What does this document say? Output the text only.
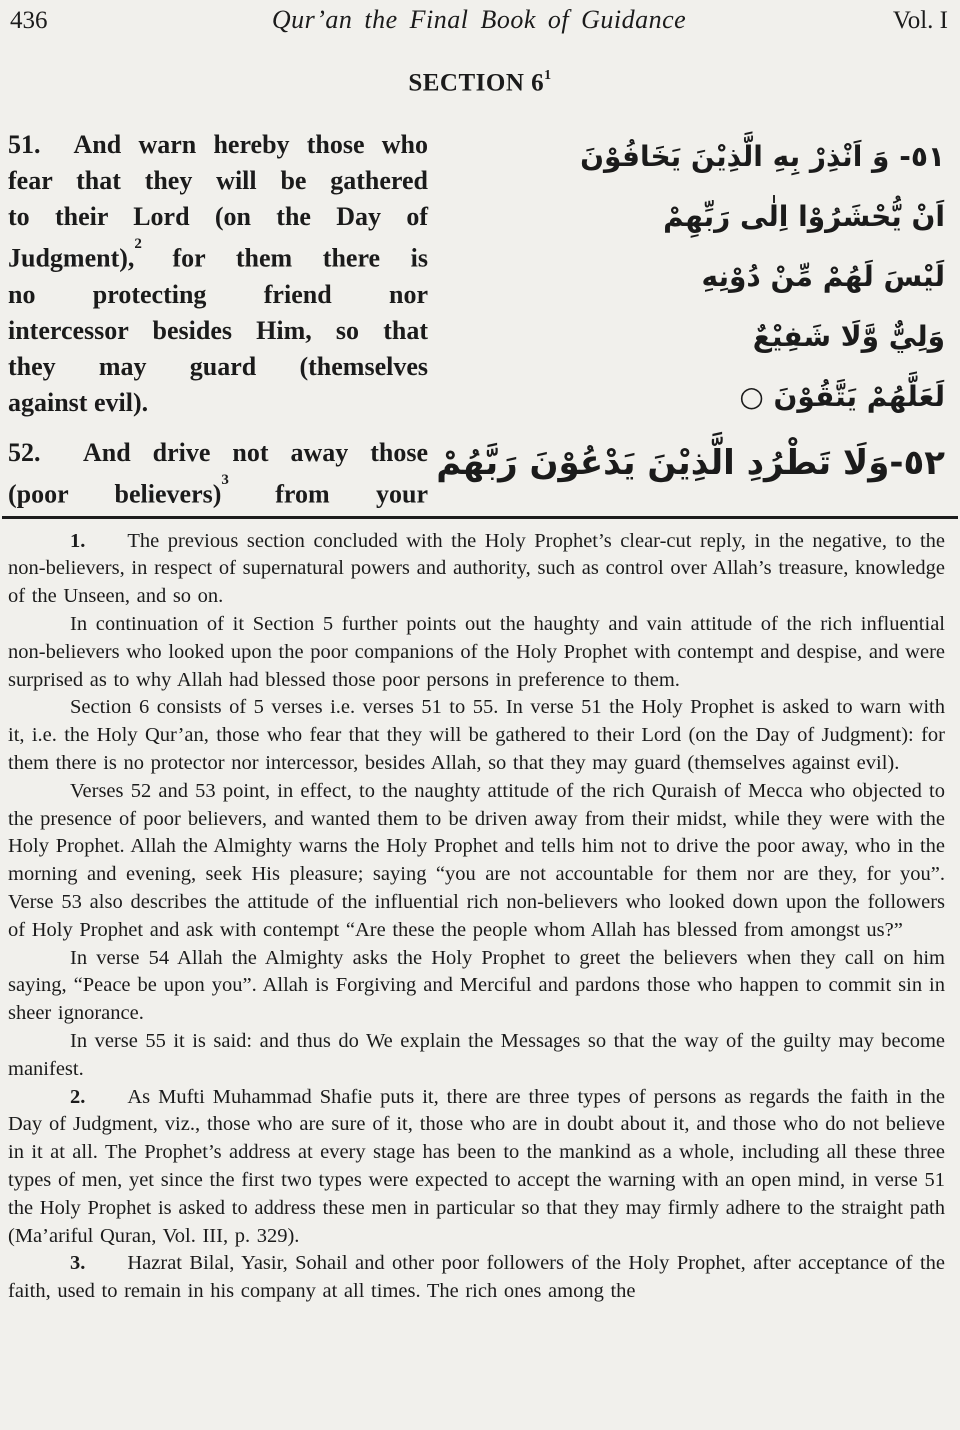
436	Qur’an the Final Book of Guidance	Vol. I
SECTION $6^1$
51.  And warn hereby those who
fear that they will be gathered
to their Lord (on the Day of
Judgment),$^2$ for them there is
no protecting friend nor
intercessor besides Him, so that
they may guard (themselves
against evil).
52.  And drive not away those
(poor believers)$^3$ from your
٥١- وَ اَنْذِرْ بِهِ الَّذِيْنَ يَخَافُوْنَ
اَنْ يُّحْشَرُوْا اِلٰى رَبِّهِمْ
لَيْسَ لَهُمْ مِّنْ دُوْنِهِ
وَلِيٌّ وَّلَا شَفِيْعٌ
لَعَلَّهُمْ يَتَّقُوْنَ ○
٥٢-وَلَا تَطْرُدِ الَّذِيْنَ يَدْعُوْنَ رَبَّهُمْ

1. The previous section concluded with the Holy Prophet’s clear-cut reply, in the negative, to the non-believers, in respect of supernatural powers and authority, such as control over Allah’s treasure, knowledge of the Unseen, and so on.

In continuation of it Section 5 further points out the haughty and vain attitude of the rich influential non-believers who looked upon the poor companions of the Holy Prophet with contempt and despise, and were surprised as to why Allah had blessed those poor persons in preference to them.

Section 6 consists of 5 verses i.e. verses 51 to 55. In verse 51 the Holy Prophet is asked to warn with it, i.e. the Holy Qur’an, those who fear that they will be gathered to their Lord (on the Day of Judgment): for them there is no protector nor intercessor, besides Allah, so that they may guard (themselves against evil).

Verses 52 and 53 point, in effect, to the naughty attitude of the rich Quraish of Mecca who objected to the presence of poor believers, and wanted them to be driven away from their midst, while they were with the Holy Prophet. Allah the Almighty warns the Holy Prophet and tells him not to drive the poor away, who in the morning and evening, seek His pleasure; saying “you are not accountable for them nor are they, for you”. Verse 53 also describes the attitude of the influential rich non-believers who looked down upon the followers of Holy Prophet and ask with contempt “Are these the people whom Allah has blessed from amongst us?”

In verse 54 Allah the Almighty asks the Holy Prophet to greet the believers when they call on him saying, “Peace be upon you”. Allah is Forgiving and Merciful and pardons those who happen to commit sin in sheer ignorance.

In verse 55 it is said: and thus do We explain the Messages so that the way of the guilty may become manifest.

2. As Mufti Muhammad Shafie puts it, there are three types of persons as regards the faith in the Day of Judgment, viz., those who are sure of it, those who are in doubt about it, and those who do not believe in it at all. The Prophet’s address at every stage has been to the mankind as a whole, including all these three types of men, yet since the first two types were expected to accept the warning with an open mind, in verse 51 the Holy Prophet is asked to address these men in particular so that they may firmly adhere to the straight path (Ma’ariful Quran, Vol. III, p. 329).

3. Hazrat Bilal, Yasir, Sohail and other poor followers of the Holy Prophet, after acceptance of the faith, used to remain in his company at all times. The rich ones among the
